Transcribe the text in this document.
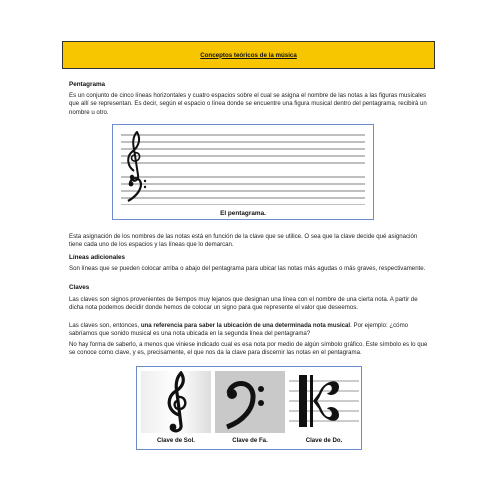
Conceptos teóricos de la música
Pentagrama
Es un conjunto de cinco líneas horizontales y cuatro espacios sobre el cual se asigna el nombre de las notas a las figuras musicales que allí se representan. Es decir, según el espacio o línea donde se encuentre una figura musical dentro del pentagrama, recibirá un nombre u otro.
El pentagrama.
Esta asignación de los nombres de las notas está en función de la clave que se utilice. O sea que la clave decide qué asignación tiene cada uno de los espacios y las líneas que lo demarcan.
Líneas adicionales
Son líneas que se pueden colocar arriba o abajo del pentagrama para ubicar las notas más agudas o más graves, respectivamente.
Claves
Las claves son signos provenientes de tiempos muy lejanos que designan una línea con el nombre de una cierta nota. A partir de dicha nota podemos decidir donde hemos de colocar un signo para que represente el valor que deseemos.
Las claves son, entonces, una referencia para saber la ubicación de una determinada nota musical. Por ejemplo: ¿cómo sabríamos que sonido musical es una nota ubicada en la segunda línea del pentagrama?
No hay forma de saberlo, a menos que viniese indicado cual es esa nota por medio de algún símbolo gráfico. Este símbolo es lo que se conoce como clave, y es, precisamente, el que nos da la clave para discernir las notas en el pentagrama.
Clave de Sol.	Clave de Fa.	Clave de Do.
